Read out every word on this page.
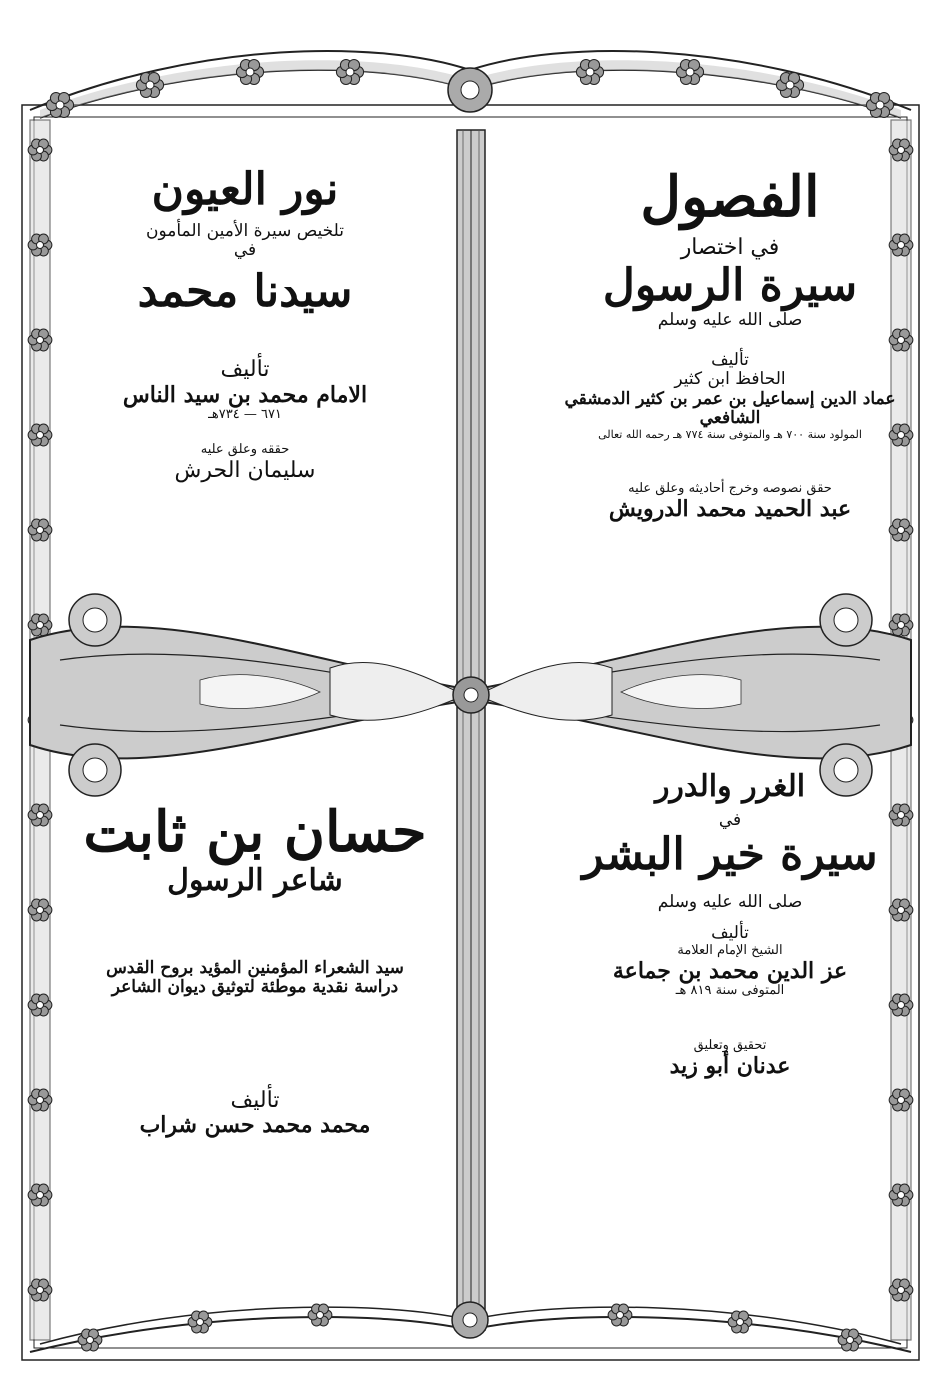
الفصول
في اختصار
سيرة الرسول
صلى الله عليه وسلم
تأليف
الحافظ ابن كثير
عماد الدين إسماعيل بن عمر بن كثير الدمشقي الشافعي
المولود سنة ٧٠٠ هـ والمتوفى سنة ٧٧٤ هـ رحمه الله تعالى
حقق نصوصه وخرج أحاديثه وعلق عليه
عبد الحميد محمد الدرويش
نور العيون
تلخيص سيرة الأمين المأمون
في
سيدنا محمد
تأليف
الامام محمد بن سيد الناس
٦٧١ — ٧٣٤هـ
حققه وعلق عليه
سليمان الحرش
الغرر والدرر
في
سيرة خير البشر
صلى الله عليه وسلم
تأليف
الشيخ الإمام العلامة
عز الدين محمد بن جماعة
المتوفى سنة ٨١٩ هـ
تحقيق وتعليق
عدنان أبو زيد
حسان بن ثابت
شاعر الرسول
سيد الشعراء المؤمنين المؤيد بروح القدس
دراسة نقدية موطئة لتوثيق ديوان الشاعر
تأليف
محمد محمد حسن شراب
